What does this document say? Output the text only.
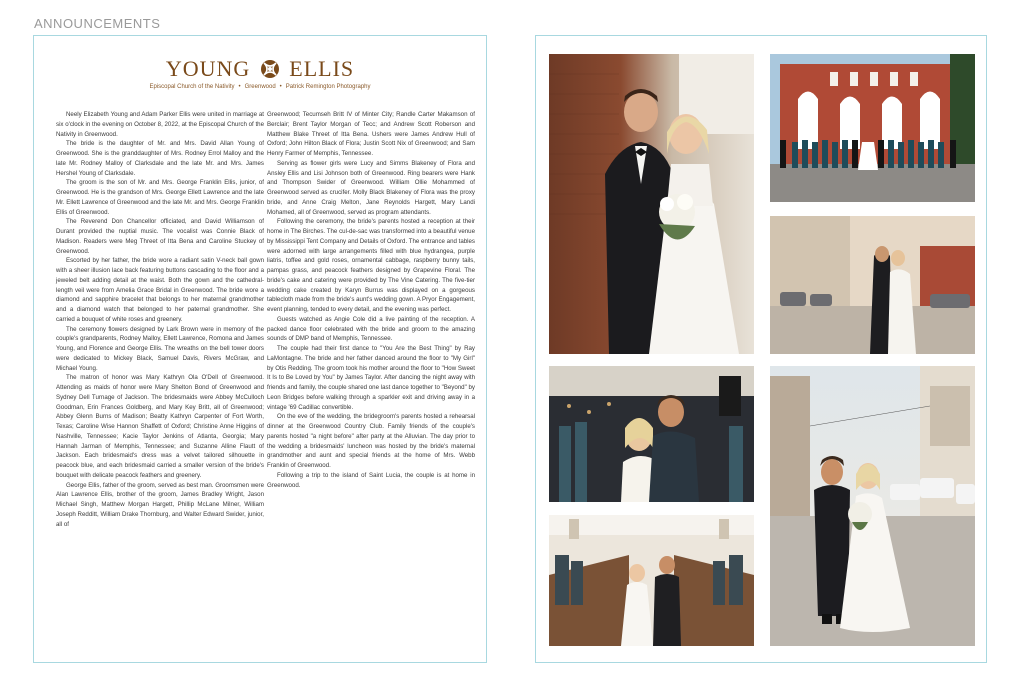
ANNOUNCEMENTS
YOUNG ELLIS
Episcopal Church of the Nativity • Greenwood • Patrick Remington Photography

Neely Elizabeth Young and Adam Parker Ellis were united in marriage at six o'clock in the evening on October 8, 2022, at the Episcopal Church of the Nativity in Greenwood.

The bride is the daughter of Mr. and Mrs. David Allan Young of Greenwood. She is the granddaughter of Mrs. Rodney Errol Malloy and the late Mr. Rodney Malloy of Clarksdale and the late Mr. and Mrs. James Hershel Young of Clarksdale.

The groom is the son of Mr. and Mrs. George Franklin Ellis, junior, of Greenwood. He is the grandson of Mrs. George Ellett Lawrence and the late Mr. Ellett Lawrence of Greenwood and the late Mr. and Mrs. George Franklin Ellis of Greenwood.

The Reverend Don Chancellor officiated, and David Williamson of Durant provided the nuptial music. The vocalist was Connie Black of Madison. Readers were Meg Threet of Itta Bena and Caroline Stuckey of Greenwood.

Escorted by her father, the bride wore a radiant satin V-neck ball gown with a sheer illusion lace back featuring buttons cascading to the floor and a jeweled belt adding detail at the waist. Both the gown and the cathedral-length veil were from Amelia Grace Bridal in Greenwood. The bride wore a diamond and sapphire bracelet that belongs to her maternal grandmother and a diamond watch that belonged to her paternal grandmother. She carried a bouquet of white roses and greenery.

The ceremony flowers designed by Lark Brown were in memory of the couple's grandparents, Rodney Malloy, Ellett Lawrence, Romona and James Young, and Florence and George Ellis. The wreaths on the bell tower doors were dedicated to Mickey Black, Samuel Davis, Rivers McGraw, and Michael Young.

The matron of honor was Mary Kathryn Ola O'Dell of Greenwood. Attending as maids of honor were Mary Shelton Bond of Greenwood and Sydney Dell Turnage of Jackson. The bridesmaids were Abbey McCulloch Goodman, Erin Frances Goldberg, and Mary Key Britt, all of Greenwood; Abbey Glenn Burns of Madison; Beatty Kathryn Carpenter of Fort Worth, Texas; Caroline Wise Hannon Shaffett of Oxford; Christine Anne Higgins of Nashville, Tennessee; Kacie Taylor Jenkins of Atlanta, Georgia; Mary Hannah Jarman of Memphis, Tennessee; and Suzanne Alline Flautt of Jackson. Each bridesmaid's dress was a velvet tailored silhouette in peacock blue, and each bridesmaid carried a smaller version of the bride's bouquet with delicate peacock feathers and greenery.

George Ellis, father of the groom, served as best man. Groomsmen were Alan Lawrence Ellis, brother of the groom, James Bradley Wright, Jason Michael Singh, Matthew Morgan Hargett, Phillip McLane Milner, William Joseph Redditt, William Drake Thornburg, and Walter Edward Swider, junior, all of

Greenwood; Tecumseh Britt IV of Minter City; Randle Carter Makamson of Berclair; Brent Taylor Morgan of Tecc; and Andrew Scott Roberson and Matthew Blake Threet of Itta Bena. Ushers were James Andrew Hull of Oxford; John Hilton Black of Flora; Justin Scott Nix of Greenwood; and Sam Henry Farmer of Memphis, Tennessee.

Serving as flower girls were Lucy and Simms Blakeney of Flora and Ansley Ellis and Lisi Johnson both of Greenwood. Ring bearers were Hank and Thompson Swider of Greenwood. William Ollie Mohammed of Greenwood served as crucifer. Molly Black Blakeney of Flora was the proxy bride, and Anne Craig Melton, Jane Reynolds Hargett, Mary Landi Mohamed, all of Greenwood, served as program attendants.

Following the ceremony, the bride's parents hosted a reception at their home in The Birches. The cul-de-sac was transformed into a beautiful venue by Mississippi Tent Company and Details of Oxford. The entrance and tables were adorned with large arrangements filled with blue hydrangea, purple liatris, toffee and gold roses, ornamental cabbage, raspberry bunny tails, pampas grass, and peacock feathers designed by Grapevine Floral. The bride's cake and catering were provided by The Vine Catering. The five-tier wedding cake created by Karyn Burrus was displayed on a gorgeous tablecloth made from the bride's aunt's wedding gown. A Pryor Engagement, event planning, tended to every detail, and the evening was perfect.

Guests watched as Angie Cole did a live painting of the reception. A packed dance floor celebrated with the bride and groom to the amazing sounds of DMP band of Memphis, Tennessee.

The couple had their first dance to "You Are the Best Thing" by Ray LaMontagne. The bride and her father danced around the floor to "My Girl" by Otis Redding. The groom took his mother around the floor to "How Sweet It Is to Be Loved by You" by James Taylor. After dancing the night away with friends and family, the couple shared one last dance together to "Beyond" by Leon Bridges before walking through a sparkler exit and driving away in a vintage '69 Cadillac convertible.

On the eve of the wedding, the bridegroom's parents hosted a rehearsal dinner at the Greenwood Country Club. Family friends of the couple's parents hosted "a night before" after party at the Alluvian. The day prior to the wedding a bridesmaids' luncheon was hosted by the bride's maternal grandmother and aunt and special friends at the home of Mrs. Webb Franklin of Greenwood.

Following a trip to the island of Saint Lucia, the couple is at home in Greenwood.
